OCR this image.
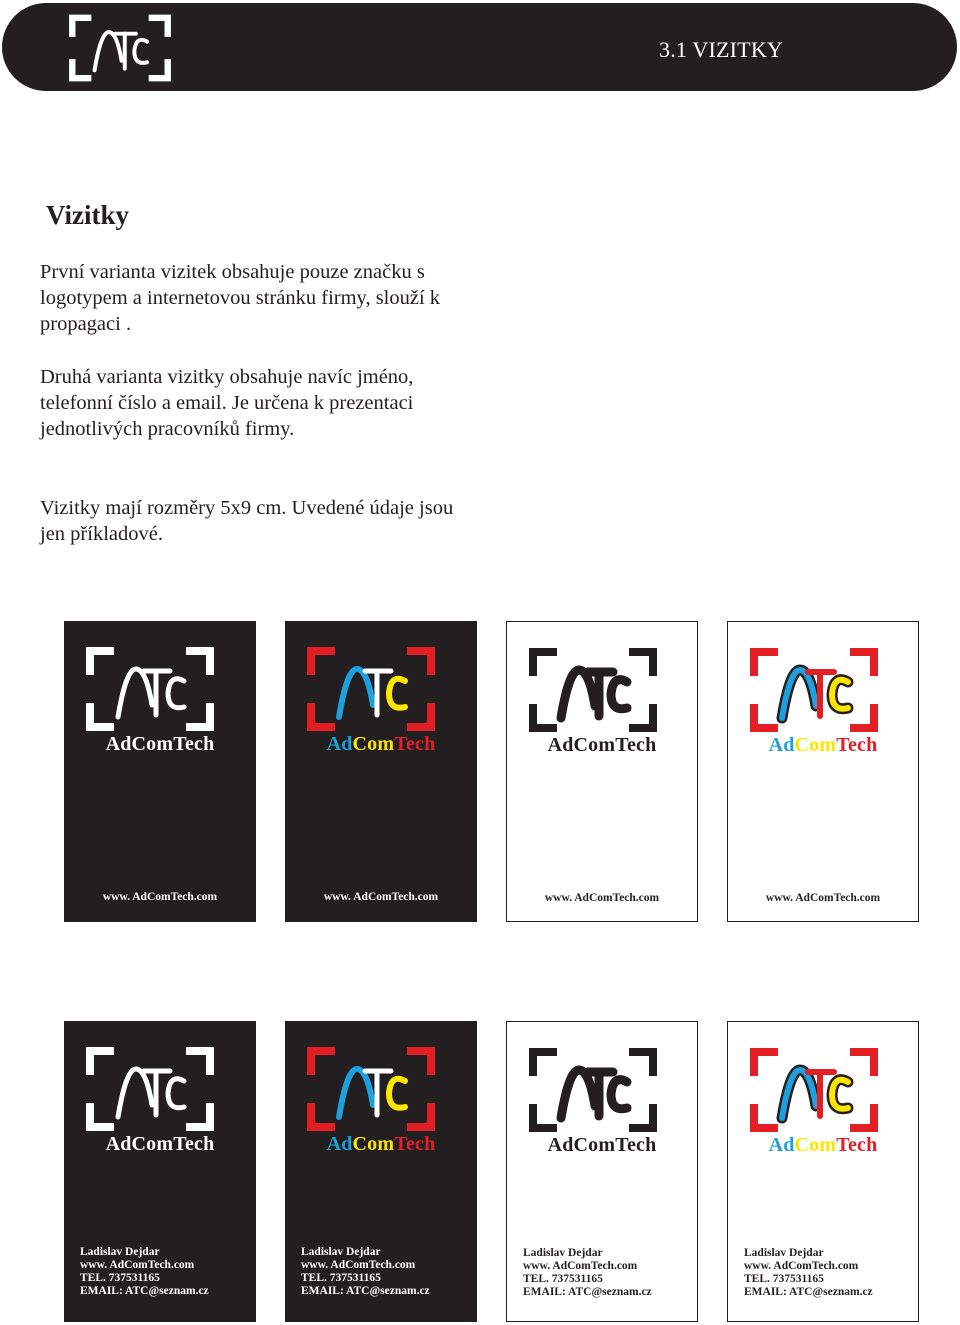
3.1 VIZITKY
Vizitky
První varianta vizitek obsahuje pouze značku s logotypem a internetovou stránku firmy, slouží k propagaci .
Druhá varianta vizitky obsahuje navíc jméno, telefonní číslo a email. Je určena k prezentaci jednotlivých pracovníků firmy.
Vizitky mají rozměry 5x9 cm. Uvedené údaje jsou jen příkladové.
AdComTech
www. AdComTech.com
AdComTech
www. AdComTech.com
AdComTech
www. AdComTech.com
AdComTech
www. AdComTech.com
AdComTech
Ladislav Dejdar
www. AdComTech.com
TEL. 737531165
EMAIL: ATC@seznam.cz
AdComTech
Ladislav Dejdar
www. AdComTech.com
TEL. 737531165
EMAIL: ATC@seznam.cz
AdComTech
Ladislav Dejdar
www. AdComTech.com
TEL. 737531165
EMAIL: ATC@seznam.cz
AdComTech
Ladislav Dejdar
www. AdComTech.com
TEL. 737531165
EMAIL: ATC@seznam.cz
